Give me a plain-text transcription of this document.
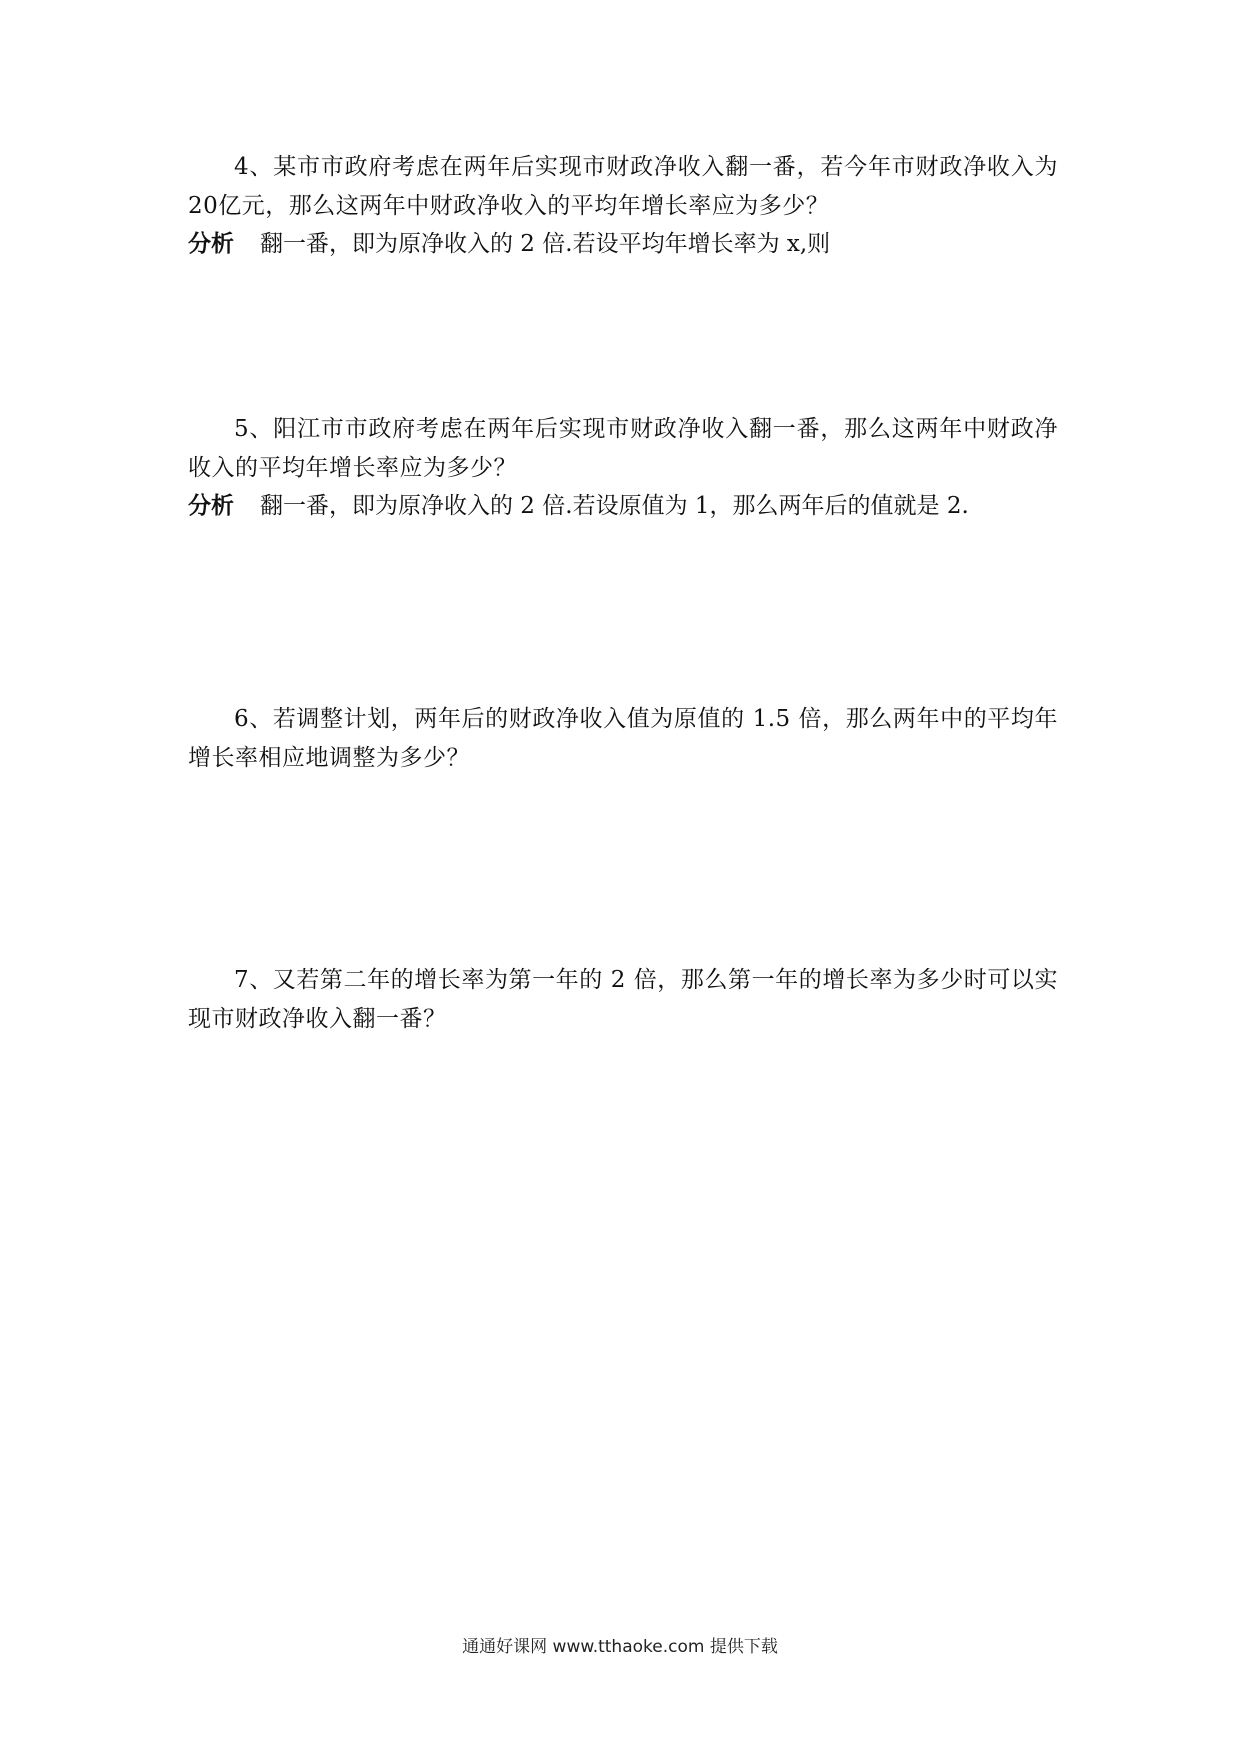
4、某市市政府考虑在两年后实现市财政净收入翻一番，若今年市财政净收入为20亿元，那么这两年中财政净收入的平均年增长率应为多少？

分析 翻一番，即为原净收入的 2 倍.若设平均年增长率为 x,则

5、阳江市市政府考虑在两年后实现市财政净收入翻一番，那么这两年中财政净收入的平均年增长率应为多少？

分析 翻一番，即为原净收入的 2 倍.若设原值为 1，那么两年后的值就是 2.

6、若调整计划，两年后的财政净收入值为原值的 1.5 倍，那么两年中的平均年增长率相应地调整为多少？

7、又若第二年的增长率为第一年的 2 倍，那么第一年的增长率为多少时可以实现市财政净收入翻一番？

通通好课网 www.tthaoke.com 提供下载
